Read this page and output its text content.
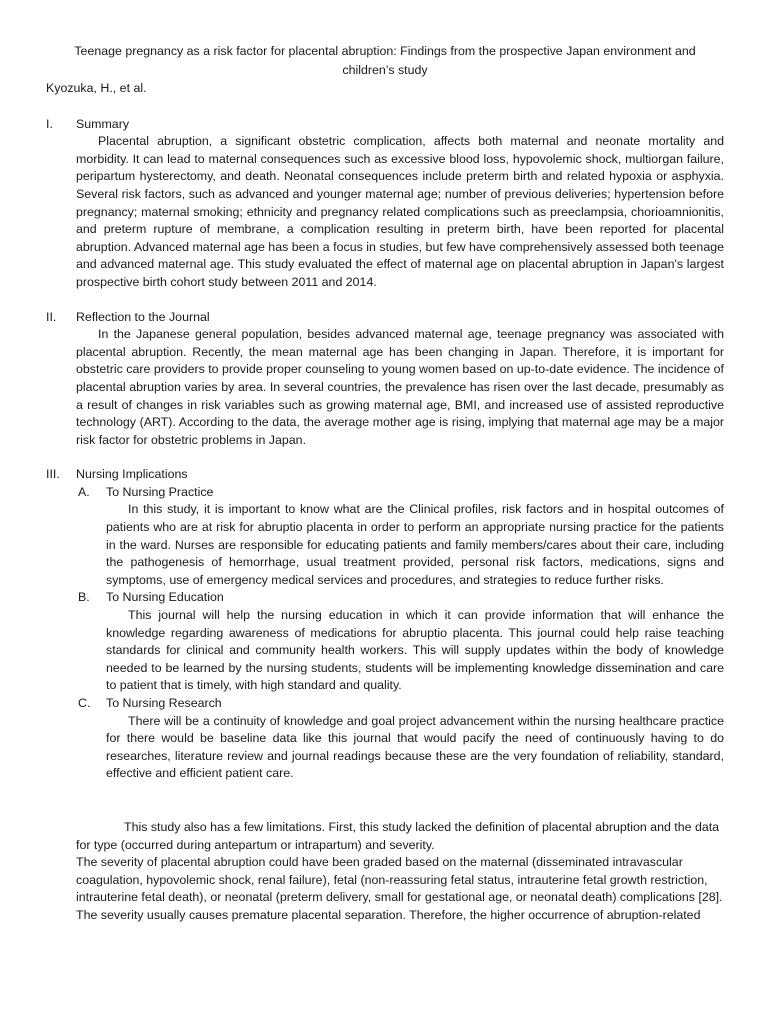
Teenage pregnancy as a risk factor for placental abruption: Findings from the prospective Japan environment and children’s study

Kyozuka, H., et al.

I.	Summary

Placental abruption, a significant obstetric complication, affects both maternal and neonate mortality and morbidity. It can lead to maternal consequences such as excessive blood loss, hypovolemic shock, multiorgan failure, peripartum hysterectomy, and death. Neonatal consequences include preterm birth and related hypoxia or asphyxia. Several risk factors, such as advanced and younger maternal age; number of previous deliveries; hypertension before pregnancy; maternal smoking; ethnicity and pregnancy related complications such as preeclampsia, chorioamnionitis, and preterm rupture of membrane, a complication resulting in preterm birth, have been reported for placental abruption. Advanced maternal age has been a focus in studies, but few have comprehensively assessed both teenage and advanced maternal age. This study evaluated the effect of maternal age on placental abruption in Japan's largest prospective birth cohort study between 2011 and 2014.

II.	Reflection to the Journal

In the Japanese general population, besides advanced maternal age, teenage pregnancy was associated with placental abruption. Recently, the mean maternal age has been changing in Japan. Therefore, it is important for obstetric care providers to provide proper counseling to young women based on up-to-date evidence. The incidence of placental abruption varies by area. In several countries, the prevalence has risen over the last decade, presumably as a result of changes in risk variables such as growing maternal age, BMI, and increased use of assisted reproductive technology (ART). According to the data, the average mother age is rising, implying that maternal age may be a major risk factor for obstetric problems in Japan.

III.	Nursing Implications
A.	To Nursing Practice

In this study, it is important to know what are the Clinical profiles, risk factors and in hospital outcomes of patients who are at risk for abruptio placenta in order to perform an appropriate nursing practice for the patients in the ward. Nurses are responsible for educating patients and family members/cares about their care, including the pathogenesis of hemorrhage, usual treatment provided, personal risk factors, medications, signs and symptoms, use of emergency medical services and procedures, and strategies to reduce further risks.

B.	To Nursing Education

This journal will help the nursing education in which it can provide information that will enhance the knowledge regarding awareness of medications for abruptio placenta. This journal could help raise teaching standards for clinical and community health workers. This will supply updates within the body of knowledge needed to be learned by the nursing students, students will be implementing knowledge dissemination and care to patient that is timely, with high standard and quality.

C.	To Nursing Research

There will be a continuity of knowledge and goal project advancement within the nursing healthcare practice for there would be baseline data like this journal that would pacify the need of continuously having to do researches, literature review and journal readings because these are the very foundation of reliability, standard, effective and efficient patient care.

This study also has a few limitations. First, this study lacked the definition of placental abruption and the data for type (occurred during antepartum or intrapartum) and severity.

The severity of placental abruption could have been graded based on the maternal (disseminated intravascular coagulation, hypovolemic shock, renal failure), fetal (non-reassuring fetal status, intrauterine fetal growth restriction, intrauterine fetal death), or neonatal (preterm delivery, small for gestational age, or neonatal death) complications [28]. The severity usually causes premature placental separation. Therefore, the higher occurrence of abruption-related
